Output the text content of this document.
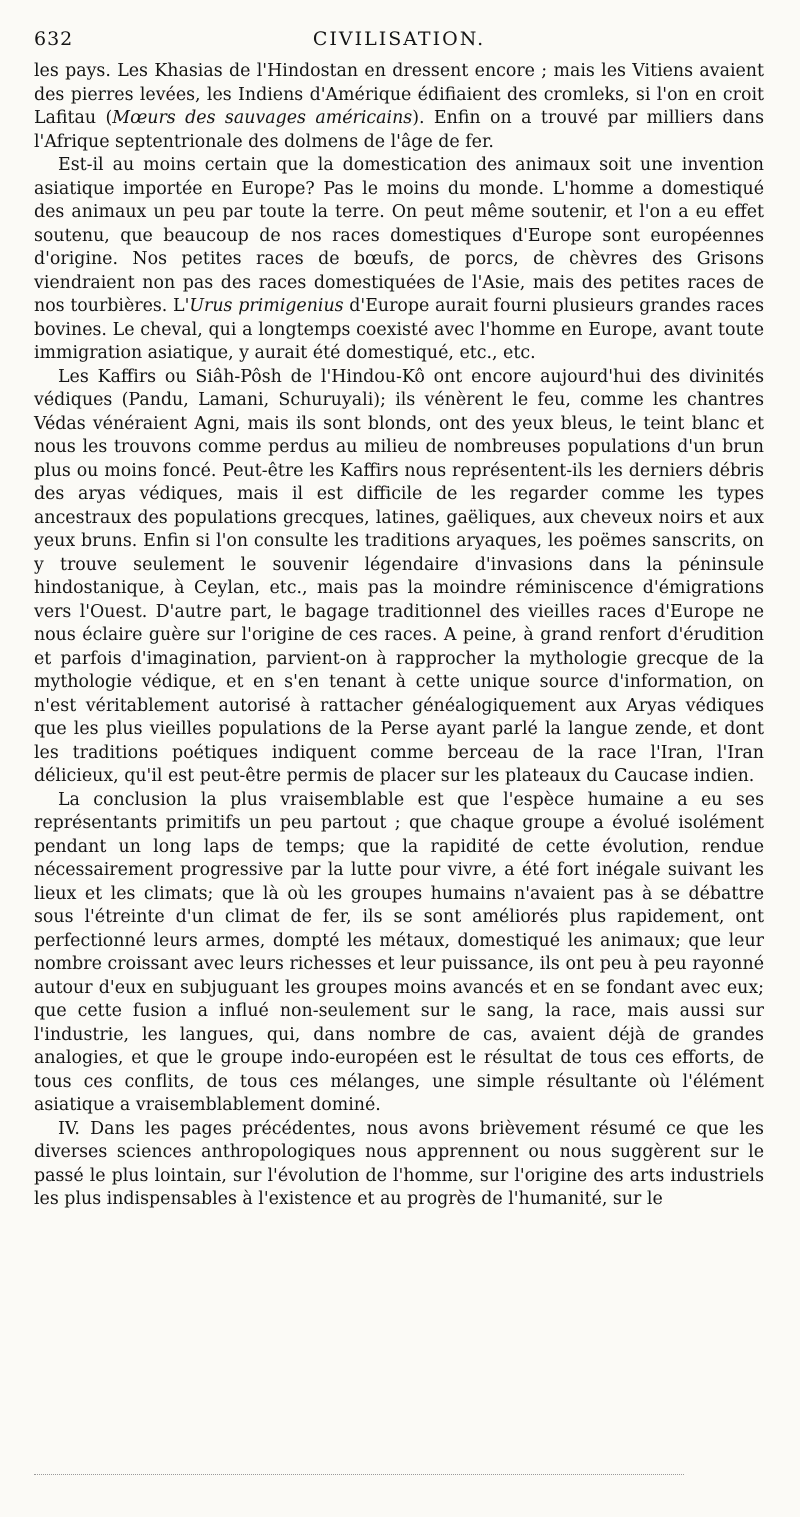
632	CIVILISATION.

les pays. Les Khasias de l'Hindostan en dressent encore ; mais les Vitiens avaient des pierres levées, les Indiens d'Amérique édifiaient des cromleks, si l'on en croit Lafitau (Mœurs des sauvages américains). Enfin on a trouvé par milliers dans l'Afrique septentrionale des dolmens de l'âge de fer.

Est-il au moins certain que la domestication des animaux soit une invention asiatique importée en Europe? Pas le moins du monde. L'homme a domestiqué des animaux un peu par toute la terre. On peut même soutenir, et l'on a eu effet soutenu, que beaucoup de nos races domestiques d'Europe sont européennes d'origine. Nos petites races de bœufs, de porcs, de chèvres des Grisons viendraient non pas des races domestiquées de l'Asie, mais des petites races de nos tourbières. L'Urus primigenius d'Europe aurait fourni plusieurs grandes races bovines. Le cheval, qui a longtemps coexisté avec l'homme en Europe, avant toute immigration asiatique, y aurait été domestiqué, etc., etc.

Les Kaffirs ou Siâh-Pôsh de l'Hindou-Kô ont encore aujourd'hui des divinités védiques (Pandu, Lamani, Schuruyali); ils vénèrent le feu, comme les chantres Védas vénéraient Agni, mais ils sont blonds, ont des yeux bleus, le teint blanc et nous les trouvons comme perdus au milieu de nombreuses populations d'un brun plus ou moins foncé. Peut-être les Kaffirs nous représentent-ils les derniers débris des aryas védiques, mais il est difficile de les regarder comme les types ancestraux des populations grecques, latines, gaëliques, aux cheveux noirs et aux yeux bruns. Enfin si l'on consulte les traditions aryaques, les poëmes sanscrits, on y trouve seulement le souvenir légendaire d'invasions dans la péninsule hindostanique, à Ceylan, etc., mais pas la moindre réminiscence d'émigrations vers l'Ouest. D'autre part, le bagage traditionnel des vieilles races d'Europe ne nous éclaire guère sur l'origine de ces races. A peine, à grand renfort d'érudition et parfois d'imagination, parvient-on à rapprocher la mythologie grecque de la mythologie védique, et en s'en tenant à cette unique source d'information, on n'est véritablement autorisé à rattacher généalogiquement aux Aryas védiques que les plus vieilles populations de la Perse ayant parlé la langue zende, et dont les traditions poétiques indiquent comme berceau de la race l'Iran, l'Iran délicieux, qu'il est peut-être permis de placer sur les plateaux du Caucase indien.

La conclusion la plus vraisemblable est que l'espèce humaine a eu ses représentants primitifs un peu partout ; que chaque groupe a évolué isolément pendant un long laps de temps; que la rapidité de cette évolution, rendue nécessairement progressive par la lutte pour vivre, a été fort inégale suivant les lieux et les climats; que là où les groupes humains n'avaient pas à se débattre sous l'étreinte d'un climat de fer, ils se sont améliorés plus rapidement, ont perfectionné leurs armes, dompté les métaux, domestiqué les animaux; que leur nombre croissant avec leurs richesses et leur puissance, ils ont peu à peu rayonné autour d'eux en subjuguant les groupes moins avancés et en se fondant avec eux; que cette fusion a influé non-seulement sur le sang, la race, mais aussi sur l'industrie, les langues, qui, dans nombre de cas, avaient déjà de grandes analogies, et que le groupe indo-européen est le résultat de tous ces efforts, de tous ces conflits, de tous ces mélanges, une simple résultante où l'élément asiatique a vraisemblablement dominé.

IV. Dans les pages précédentes, nous avons brièvement résumé ce que les diverses sciences anthropologiques nous apprennent ou nous suggèrent sur le passé le plus lointain, sur l'évolution de l'homme, sur l'origine des arts industriels les plus indispensables à l'existence et au progrès de l'humanité, sur le
